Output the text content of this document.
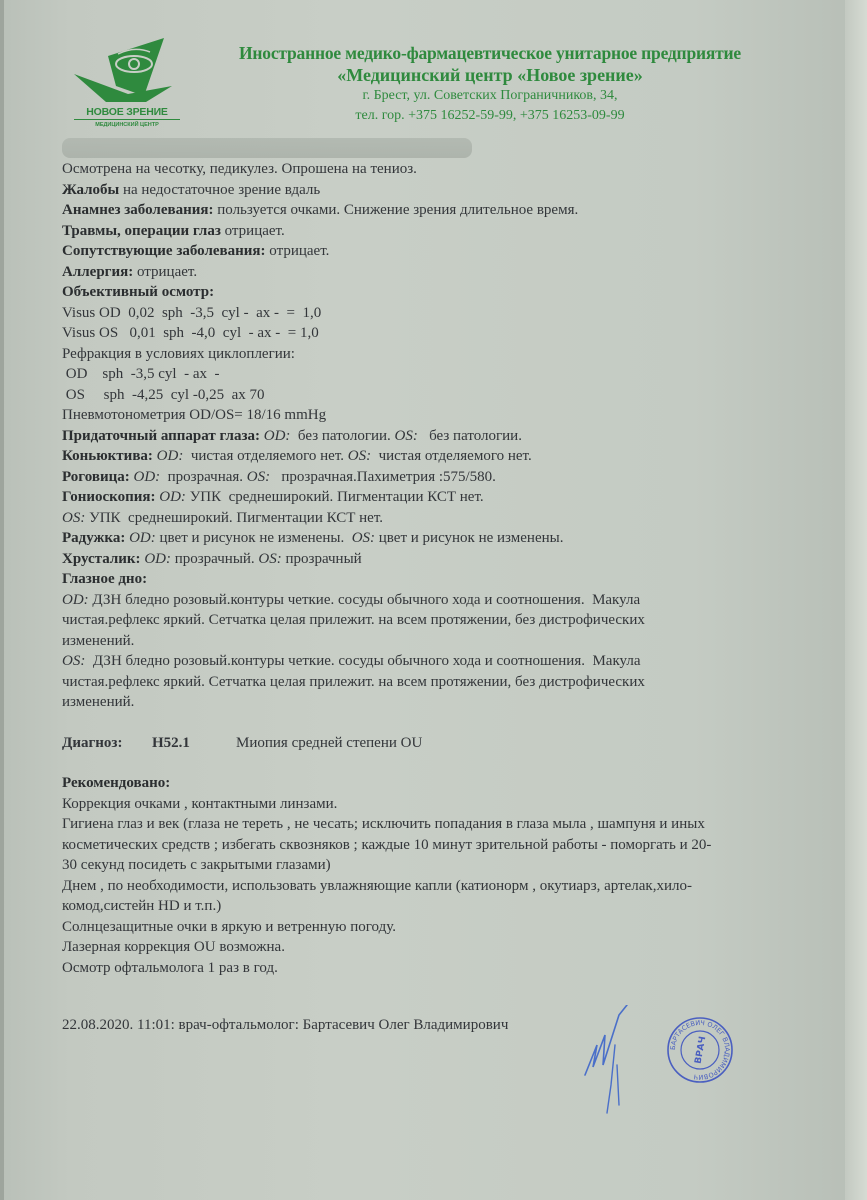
НОВОЕ ЗРЕНИЕ
МЕДИЦИНСКИЙ ЦЕНТР
Иностранное медико-фармацевтическое унитарное предприятие
«Медицинский центр «Новое зрение»
г. Брест, ул. Советских Пограничников, 34,
тел. гор. +375 16252-59-99, +375 16253-09-99
Осмотрена на чесотку, педикулез. Опрошена на тениоз.
Жалобы на недостаточное зрение вдаль
Анамнез заболевания: пользуется очками. Снижение зрения длительное время.
Травмы, операции глаз отрицает.
Сопутствующие заболевания: отрицает.
Аллергия: отрицает.
Объективный осмотр:
Visus OD  0,02  sph  -3,5  cyl -  ax -  =  1,0
Visus OS   0,01  sph  -4,0  cyl  - ax -  = 1,0
Рефракция в условиях циклоплегии:
OD    sph  -3,5 cyl  - ax  -
OS     sph  -4,25  cyl -0,25  ax 70
Пневмотонометрия OD/OS= 18/16 mmHg
Придаточный аппарат глаза: OD:  без патологии. OS:   без патологии.
Коньюктива: OD:  чистая отделяемого нет. OS:  чистая отделяемого нет.
Роговица: OD:  прозрачная. OS:   прозрачная.Пахиметрия :575/580.
Гониоскопия: OD: УПК  среднеширокий. Пигментации КСТ нет.
OS: УПК  среднеширокий. Пигментации КСТ нет.
Радужка: OD: цвет и рисунок не изменены.  OS: цвет и рисунок не изменены.
Хрусталик: OD: прозрачный. OS: прозрачный
Глазное дно:
OD: ДЗН бледно розовый.контуры четкие. сосуды обычного хода и соотношения.  Макула
чистая.рефлекс яркий. Сетчатка целая прилежит. на всем протяжении, без дистрофических
изменений.
OS:  ДЗН бледно розовый.контуры четкие. сосуды обычного хода и соотношения.  Макула
чистая.рефлекс яркий. Сетчатка целая прилежит. на всем протяжении, без дистрофических
изменений.
Диагноз:	H52.1	Миопия средней степени OU
Рекомендовано:
Коррекция очками , контактными линзами.
Гигиена глаз и век (глаза не тереть , не чесать; исключить попадания в глаза мыла , шампуня и иных
косметических средств ; избегать сквозняков ; каждые 10 минут зрительной работы - поморгать и 20-
30 секунд посидеть с закрытыми глазами)
Днем , по необходимости, использовать увлажняющие капли (катионорм , окутиарз, артелак,хило-
комод,систейн HD и т.п.)
Солнцезащитные очки в яркую и ветренную погоду.
Лазерная коррекция OU возможна.
Осмотр офтальмолога 1 раз в год.
22.08.2020. 11:01: врач-офтальмолог: Бартасевич Олег Владимирович
БАРТАСЕВИЧ ОЛЕГ ВЛАДИМИРОВИЧ
ВРАЧ
